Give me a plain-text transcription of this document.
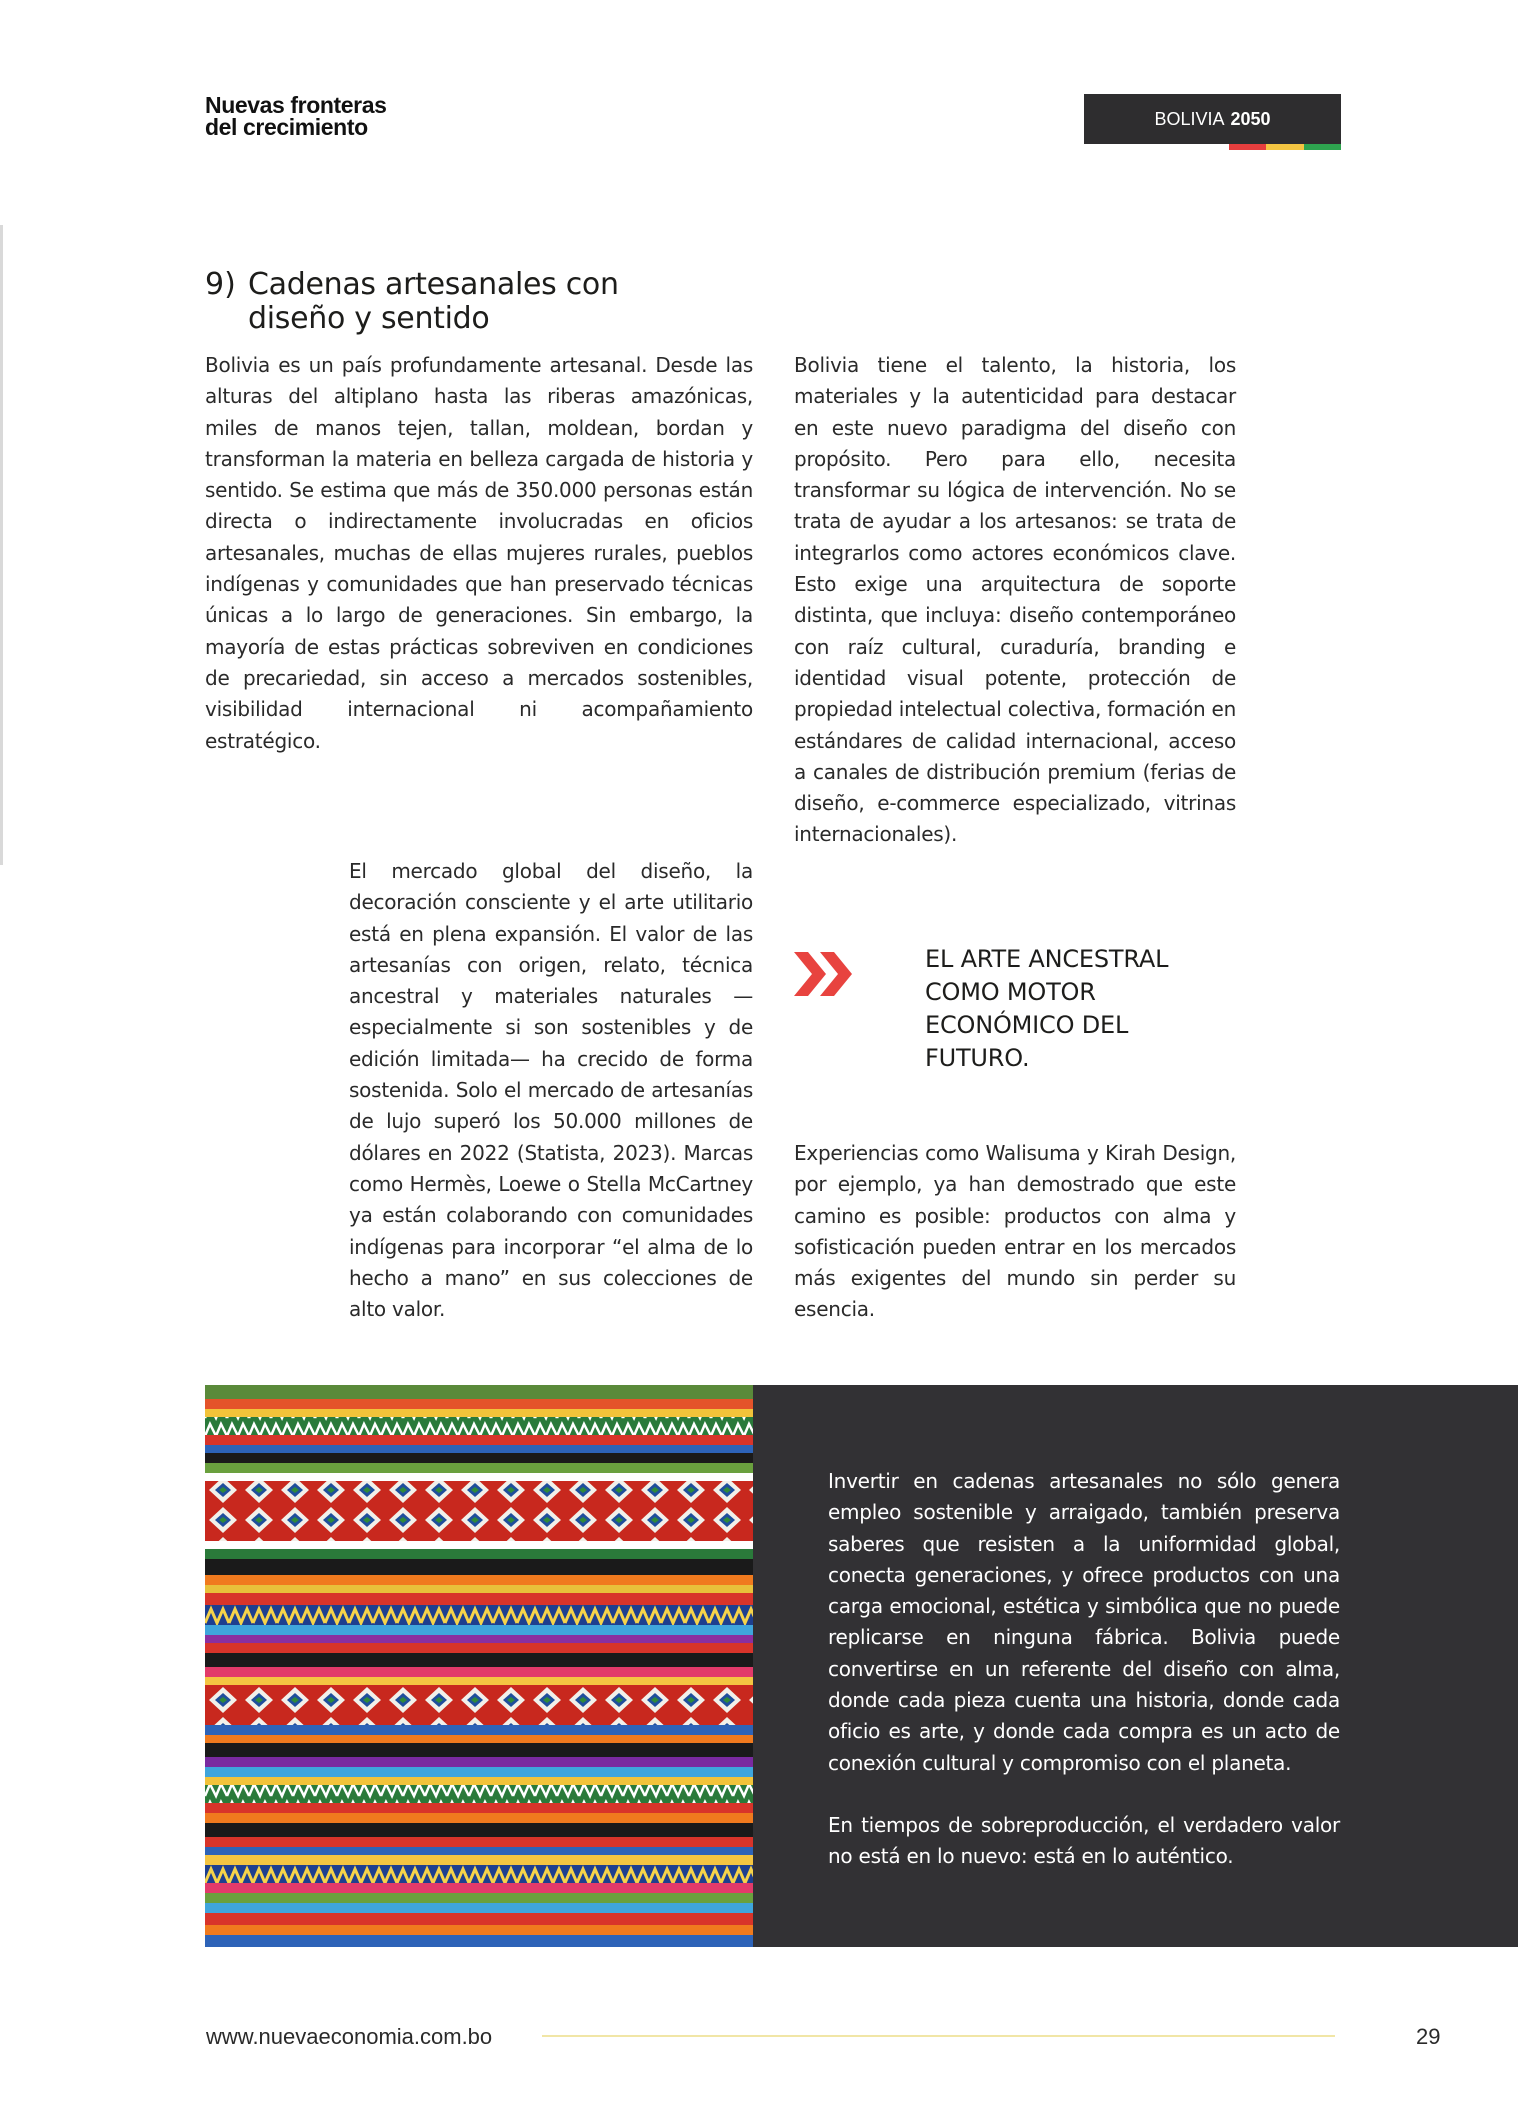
Nuevas fronteras
del crecimiento	BOLIVIA 2050
9) Cadenas artesanales con diseño y sentido

Bolivia es un país profundamente artesanal. Desde las alturas del altiplano hasta las riberas amazónicas, miles de manos tejen, tallan, moldean, bordan y transforman la materia en belleza cargada de historia y sentido. Se estima que más de 350.000 personas están directa o indirectamente involucradas en oficios artesanales, muchas de ellas mujeres rurales, pueblos indígenas y comunidades que han preservado técnicas únicas a lo largo de generaciones. Sin embargo, la mayoría de estas prácticas sobreviven en condiciones de precariedad, sin acceso a mercados sostenibles, visibilidad internacional ni acompañamiento estratégico.

Bolivia tiene el talento, la historia, los materiales y la autenticidad para destacar en este nuevo paradigma del diseño con propósito. Pero para ello, necesita transformar su lógica de intervención. No se trata de ayudar a los artesanos: se trata de integrarlos como actores económicos clave. Esto exige una arquitectura de soporte distinta, que incluya: diseño contemporáneo con raíz cultural, curaduría, branding e identidad visual potente, protección de propiedad intelectual colectiva, formación en estándares de calidad internacional, acceso a canales de distribución premium (ferias de diseño, e-commerce especializado, vitrinas internacionales).

El mercado global del diseño, la decoración consciente y el arte utilitario está en plena expansión. El valor de las artesanías con origen, relato, técnica ancestral y materiales naturales —especialmente si son sostenibles y de edición limitada— ha crecido de forma sostenida. Solo el mercado de artesanías de lujo superó los 50.000 millones de dólares en 2022 (Statista, 2023). Marcas como Hermès, Loewe o Stella McCartney ya están colaborando con comunidades indígenas para incorporar “el alma de lo hecho a mano” en sus colecciones de alto valor.

EL ARTE ANCESTRAL COMO MOTOR ECONÓMICO DEL FUTURO.

Experiencias como Walisuma y Kirah Design, por ejemplo, ya han demostrado que este camino es posible: productos con alma y sofisticación pueden entrar en los mercados más exigentes del mundo sin perder su esencia.

Invertir en cadenas artesanales no sólo genera empleo sostenible y arraigado, también preserva saberes que resisten a la uniformidad global, conecta generaciones, y ofrece productos con una carga emocional, estética y simbólica que no puede replicarse en ninguna fábrica. Bolivia puede convertirse en un referente del diseño con alma, donde cada pieza cuenta una historia, donde cada oficio es arte, y donde cada compra es un acto de conexión cultural y compromiso con el planeta.

En tiempos de sobreproducción, el verdadero valor no está en lo nuevo: está en lo auténtico.

www.nuevaeconomia.com.bo	29
